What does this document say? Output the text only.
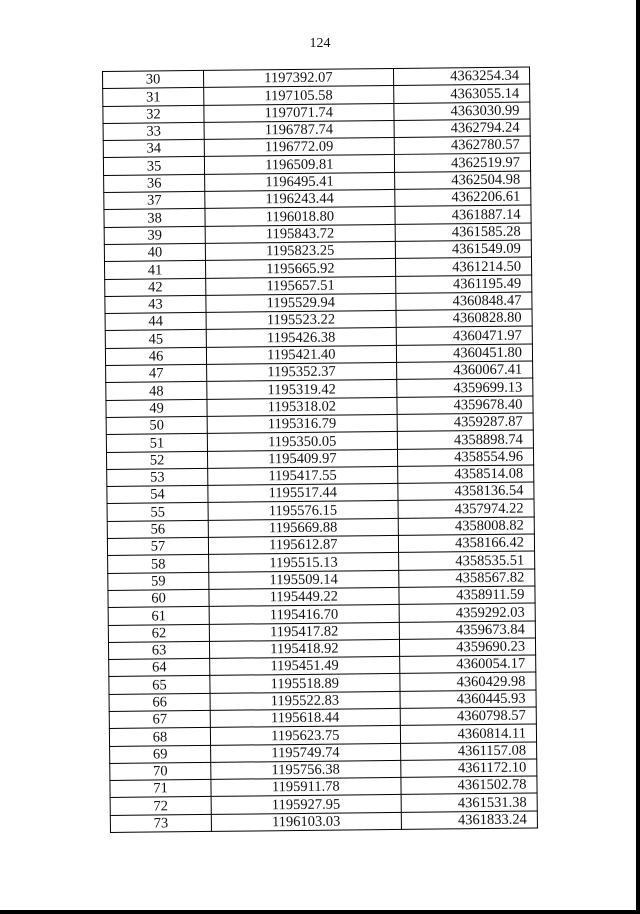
124
30	1197392.07	4363254.34
31	1197105.58	4363055.14
32	1197071.74	4363030.99
33	1196787.74	4362794.24
34	1196772.09	4362780.57
35	1196509.81	4362519.97
36	1196495.41	4362504.98
37	1196243.44	4362206.61
38	1196018.80	4361887.14
39	1195843.72	4361585.28
40	1195823.25	4361549.09
41	1195665.92	4361214.50
42	1195657.51	4361195.49
43	1195529.94	4360848.47
44	1195523.22	4360828.80
45	1195426.38	4360471.97
46	1195421.40	4360451.80
47	1195352.37	4360067.41
48	1195319.42	4359699.13
49	1195318.02	4359678.40
50	1195316.79	4359287.87
51	1195350.05	4358898.74
52	1195409.97	4358554.96
53	1195417.55	4358514.08
54	1195517.44	4358136.54
55	1195576.15	4357974.22
56	1195669.88	4358008.82
57	1195612.87	4358166.42
58	1195515.13	4358535.51
59	1195509.14	4358567.82
60	1195449.22	4358911.59
61	1195416.70	4359292.03
62	1195417.82	4359673.84
63	1195418.92	4359690.23
64	1195451.49	4360054.17
65	1195518.89	4360429.98
66	1195522.83	4360445.93
67	1195618.44	4360798.57
68	1195623.75	4360814.11
69	1195749.74	4361157.08
70	1195756.38	4361172.10
71	1195911.78	4361502.78
72	1195927.95	4361531.38
73	1196103.03	4361833.24
